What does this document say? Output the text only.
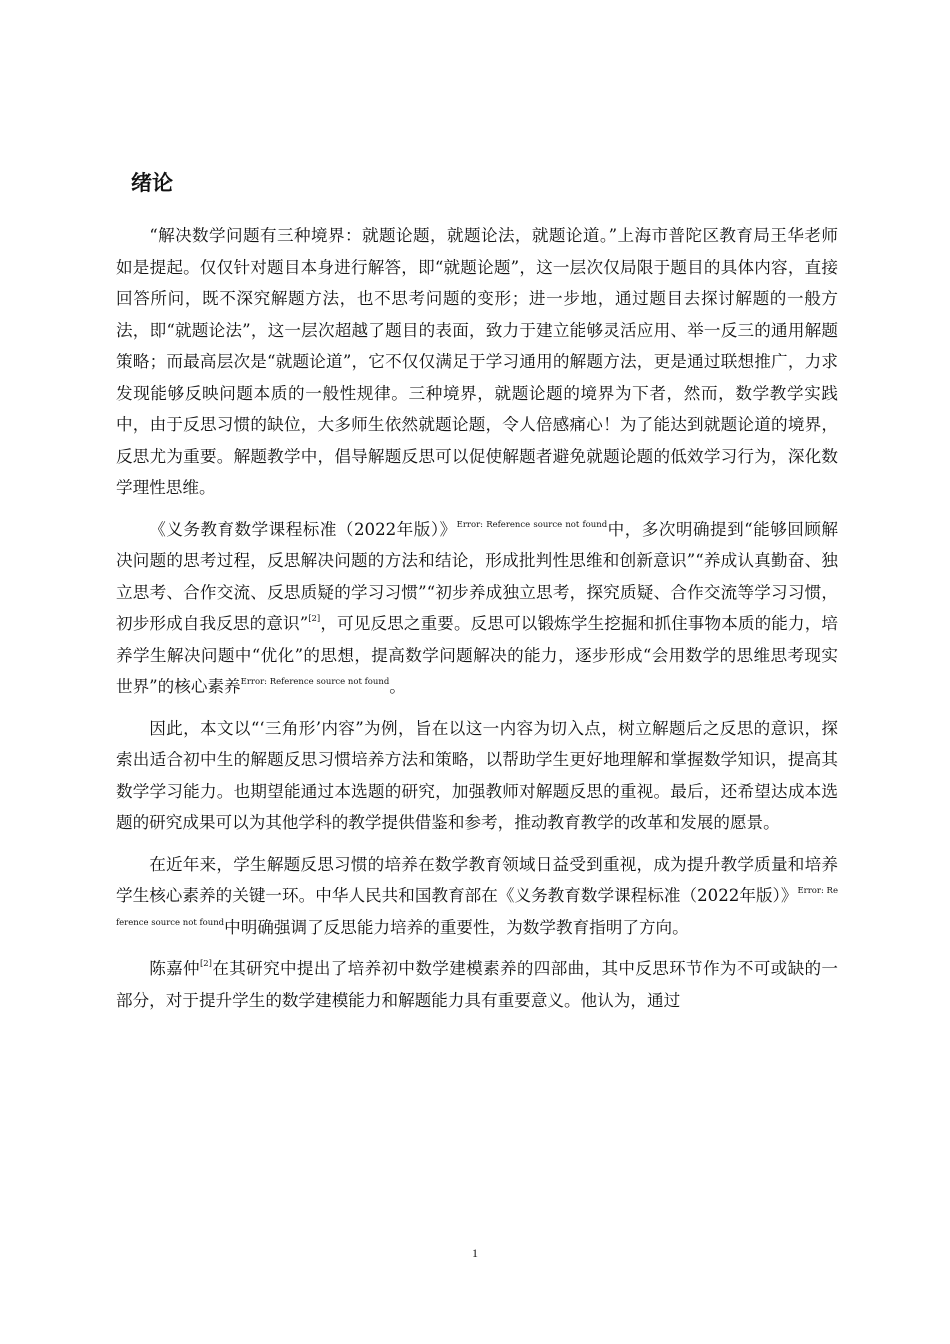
绪论

“解决数学问题有三种境界：就题论题，就题论法，就题论道。”上海市普陀区教育局王华老师如是提起。仅仅针对题目本身进行解答，即“就题论题”，这一层次仅局限于题目的具体内容，直接回答所问，既不深究解题方法，也不思考问题的变形；进一步地，通过题目去探讨解题的一般方法，即“就题论法”，这一层次超越了题目的表面，致力于建立能够灵活应用、举一反三的通用解题策略；而最高层次是“就题论道”，它不仅仅满足于学习通用的解题方法，更是通过联想推广，力求发现能够反映问题本质的一般性规律。三种境界，就题论题的境界为下者，然而，数学教学实践中，由于反思习惯的缺位，大多师生依然就题论题，令人倍感痛心！为了能达到就题论道的境界，反思尤为重要。解题教学中，倡导解题反思可以促使解题者避免就题论题的低效学习行为，深化数学理性思维。

《义务教育数学课程标准（2022年版）》$^{Error: Reference source not found}$中，多次明确提到“能够回顾解决问题的思考过程，反思解决问题的方法和结论，形成批判性思维和创新意识”“养成认真勤奋、独立思考、合作交流、反思质疑的学习习惯”“初步养成独立思考，探究质疑、合作交流等学习习惯，初步形成自我反思的意识”[2]，可见反思之重要。反思可以锻炼学生挖掘和抓住事物本质的能力，培养学生解决问题中“优化”的思想，提高数学问题解决的能力，逐步形成“会用数学的思维思考现实世界”的核心素养$^{Error: Reference source not found}$。

因此，本文以“‘三角形’内容”为例，旨在以这一内容为切入点，树立解题后之反思的意识，探索出适合初中生的解题反思习惯培养方法和策略，以帮助学生更好地理解和掌握数学知识，提高其数学学习能力。也期望能通过本选题的研究，加强教师对解题反思的重视。最后，还希望达成本选题的研究成果可以为其他学科的教学提供借鉴和参考，推动教育教学的改革和发展的愿景。

在近年来，学生解题反思习惯的培养在数学教育领域日益受到重视，成为提升教学质量和培养学生核心素养的关键一环。中华人民共和国教育部在《义务教育数学课程标准（2022年版）》$^{Error: Reference source not found}$中明确强调了反思能力培养的重要性，为数学教育指明了方向。

陈嘉仲[2]在其研究中提出了培养初中数学建模素养的四部曲，其中反思环节作为不可或缺的一部分，对于提升学生的数学建模能力和解题能力具有重要意义。他认为，通过

1
